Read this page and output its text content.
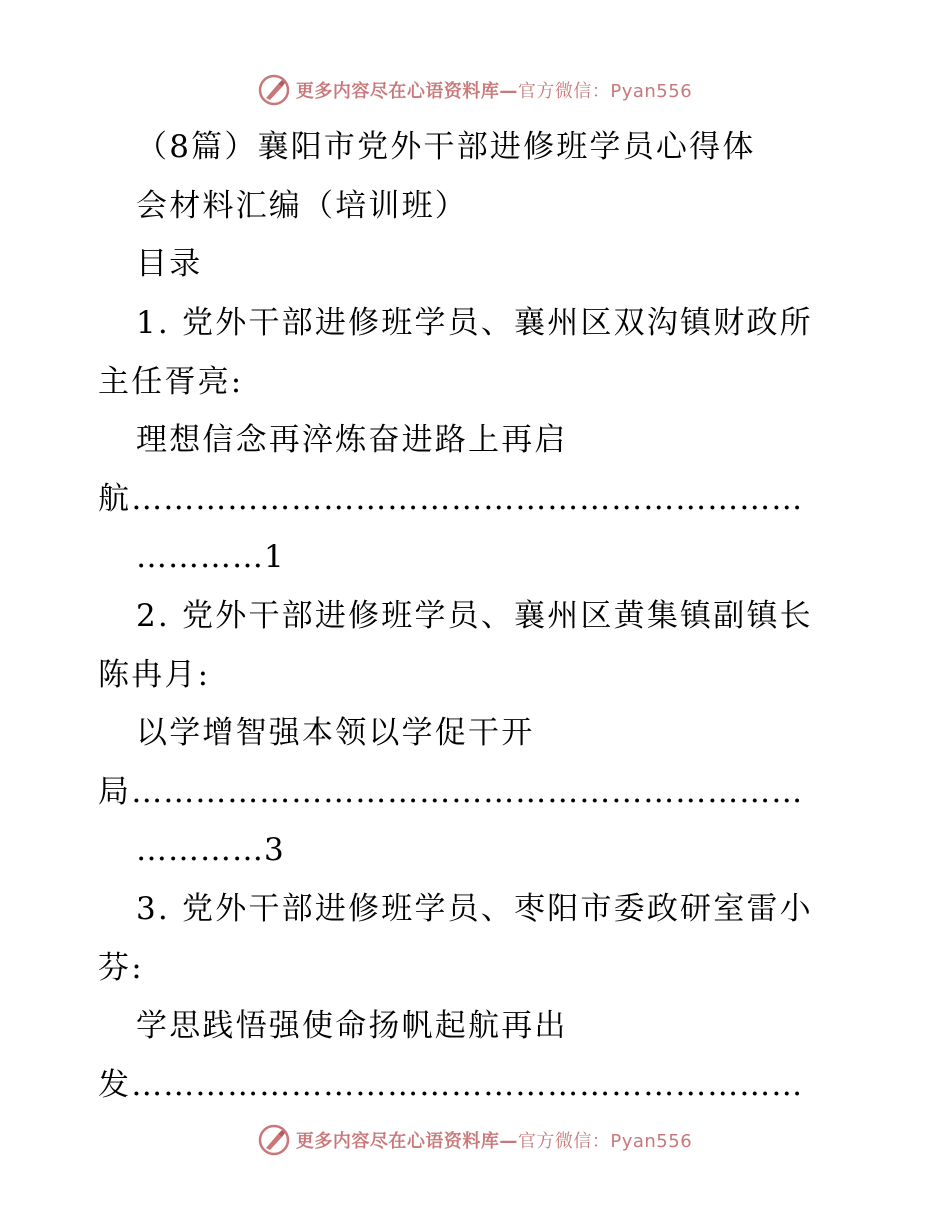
更多内容尽在心语资料库—官方微信：Pyan556
（8篇）襄阳市党外干部进修班学员心得体
会材料汇编（培训班）
目录
1. 党外干部进修班学员、襄州区双沟镇财政所
主任胥亮:
理想信念再淬炼奋进路上再启
航………………………………………………………
…………1
2. 党外干部进修班学员、襄州区黄集镇副镇长
陈冉月:
以学增智强本领以学促干开
局………………………………………………………
…………3
3. 党外干部进修班学员、枣阳市委政研室雷小
芬:
学思践悟强使命扬帆起航再出
发………………………………………………………
更多内容尽在心语资料库—官方微信：Pyan556
